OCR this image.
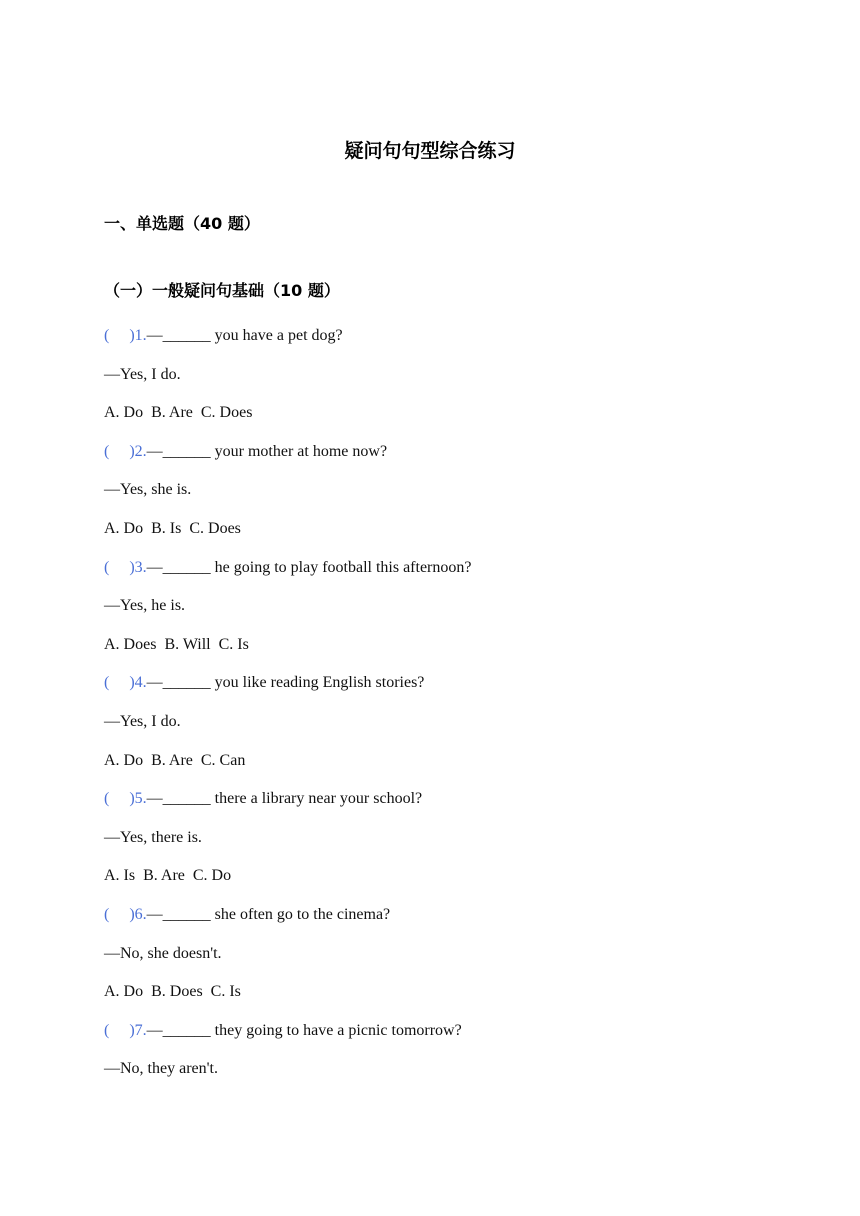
疑问句句型综合练习
一、单选题（40 题）
（一）一般疑问句基础（10 题）
(     )1.—______ you have a pet dog?
—Yes, I do.
A. Do  B. Are  C. Does
(     )2.—______ your mother at home now?
—Yes, she is.
A. Do  B. Is  C. Does
(     )3.—______ he going to play football this afternoon?
—Yes, he is.
A. Does  B. Will  C. Is
(     )4.—______ you like reading English stories?
—Yes, I do.
A. Do  B. Are  C. Can
(     )5.—______ there a library near your school?
—Yes, there is.
A. Is  B. Are  C. Do
(     )6.—______ she often go to the cinema?
—No, she doesn't.
A. Do  B. Does  C. Is
(     )7.—______ they going to have a picnic tomorrow?
—No, they aren't.
